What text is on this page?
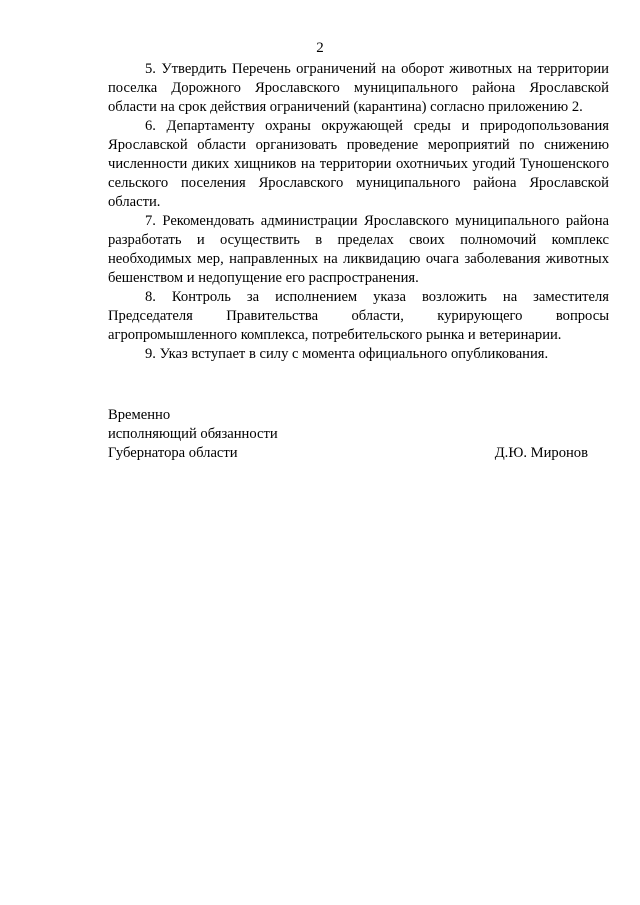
2

5. Утвердить Перечень ограничений на оборот животных на территории поселка Дорожного Ярославского муниципального района Ярославской области на срок действия ограничений (карантина) согласно приложению 2.

6. Департаменту охраны окружающей среды и природопользования Ярославской области организовать проведение мероприятий по снижению численности диких хищников на территории охотничьих угодий Туношенского сельского поселения Ярославского муниципального района Ярославской области.

7. Рекомендовать администрации Ярославского муниципального района разработать и осуществить в пределах своих полномочий комплекс необходимых мер, направленных на ликвидацию очага заболевания животных бешенством и недопущение его распространения.

8. Контроль за исполнением указа возложить на заместителя Председателя Правительства области, курирующего вопросы агропромышленного комплекса, потребительского рынка и ветеринарии.

9. Указ вступает в силу с момента официального опубликования.

Временно
исполняющий обязанности
Губернатора области	Д.Ю. Миронов
